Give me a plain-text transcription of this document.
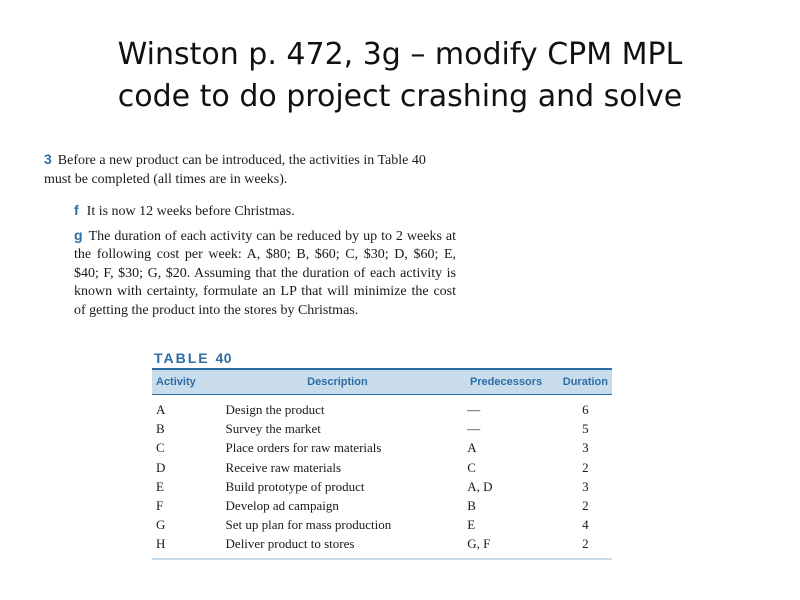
Winston p. 472, 3g – modify CPM MPL
code to do project crashing and solve

3 Before a new product can be introduced, the activities in Table 40 must be completed (all times are in weeks).

f It is now 12 weeks before Christmas.

g The duration of each activity can be reduced by up to 2 weeks at the following cost per week: A, $80; B, $60; C, $30; D, $60; E, $40; F, $30; G, $20. Assuming that the duration of each activity is known with certainty, formulate an LP that will minimize the cost of getting the product into the stores by Christmas.

TABLE 40
Activity	Description	Predecessors	Duration
A	Design the product	—	6
B	Survey the market	—	5
C	Place orders for raw materials	A	3
D	Receive raw materials	C	2
E	Build prototype of product	A, D	3
F	Develop ad campaign	B	2
G	Set up plan for mass production	E	4
H	Deliver product to stores	G, F	2
